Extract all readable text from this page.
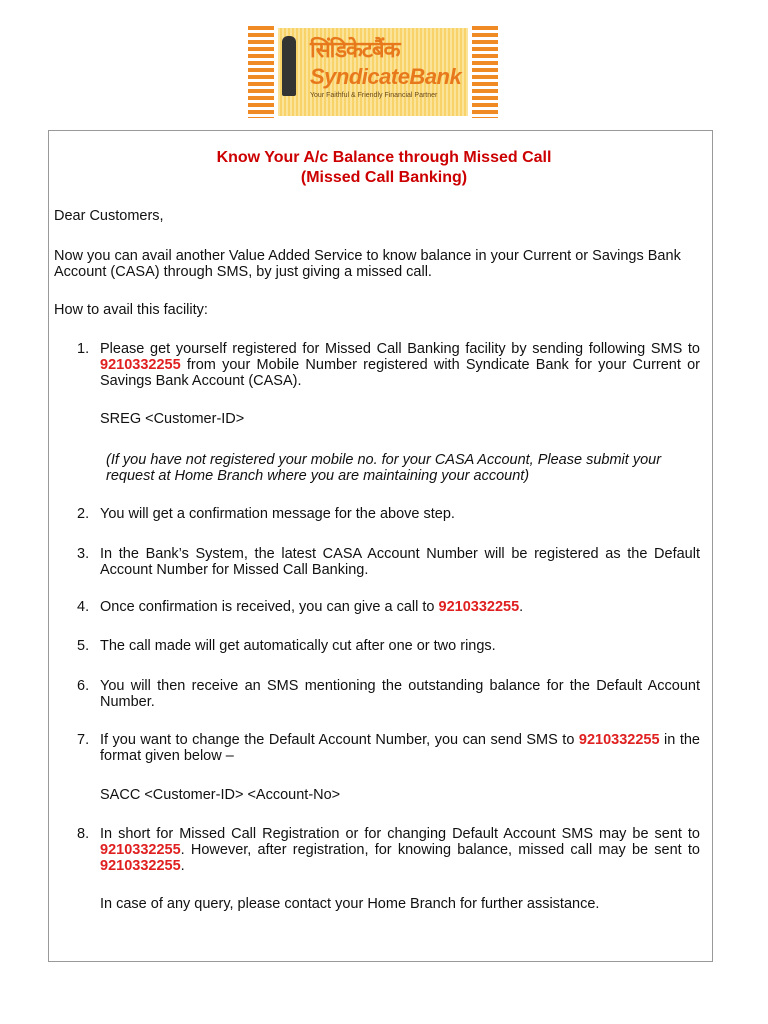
सिंडिकेटबैंक
SyndicateBank
Your Faithful & Friendly Financial Partner
Know Your A/c Balance through Missed Call
(Missed Call Banking)
Dear Customers,
Now you can avail another Value Added Service to know balance in your Current or Savings Bank Account (CASA) through SMS, by just giving a missed call.
How to avail this facility:
1. Please get yourself registered for Missed Call Banking facility by sending following SMS to 9210332255 from your Mobile Number registered with Syndicate Bank for your Current or Savings Bank Account (CASA).
SREG <Customer-ID>
(If you have not registered your mobile no. for your CASA Account, Please submit your request at Home Branch where you are maintaining your account)
2. You will get a confirmation message for the above step.
3. In the Bank’s System, the latest CASA Account Number will be registered as the Default Account Number for Missed Call Banking.
4. Once confirmation is received, you can give a call to 9210332255.
5. The call made will get automatically cut after one or two rings.
6. You will then receive an SMS mentioning the outstanding balance for the Default Account Number.
7. If you want to change the Default Account Number, you can send SMS to 9210332255 in the format given below –
SACC <Customer-ID> <Account-No>
8. In short for Missed Call Registration or for changing Default Account SMS may be sent to 9210332255. However, after registration, for knowing balance, missed call may be sent to 9210332255.
In case of any query, please contact your Home Branch for further assistance.
